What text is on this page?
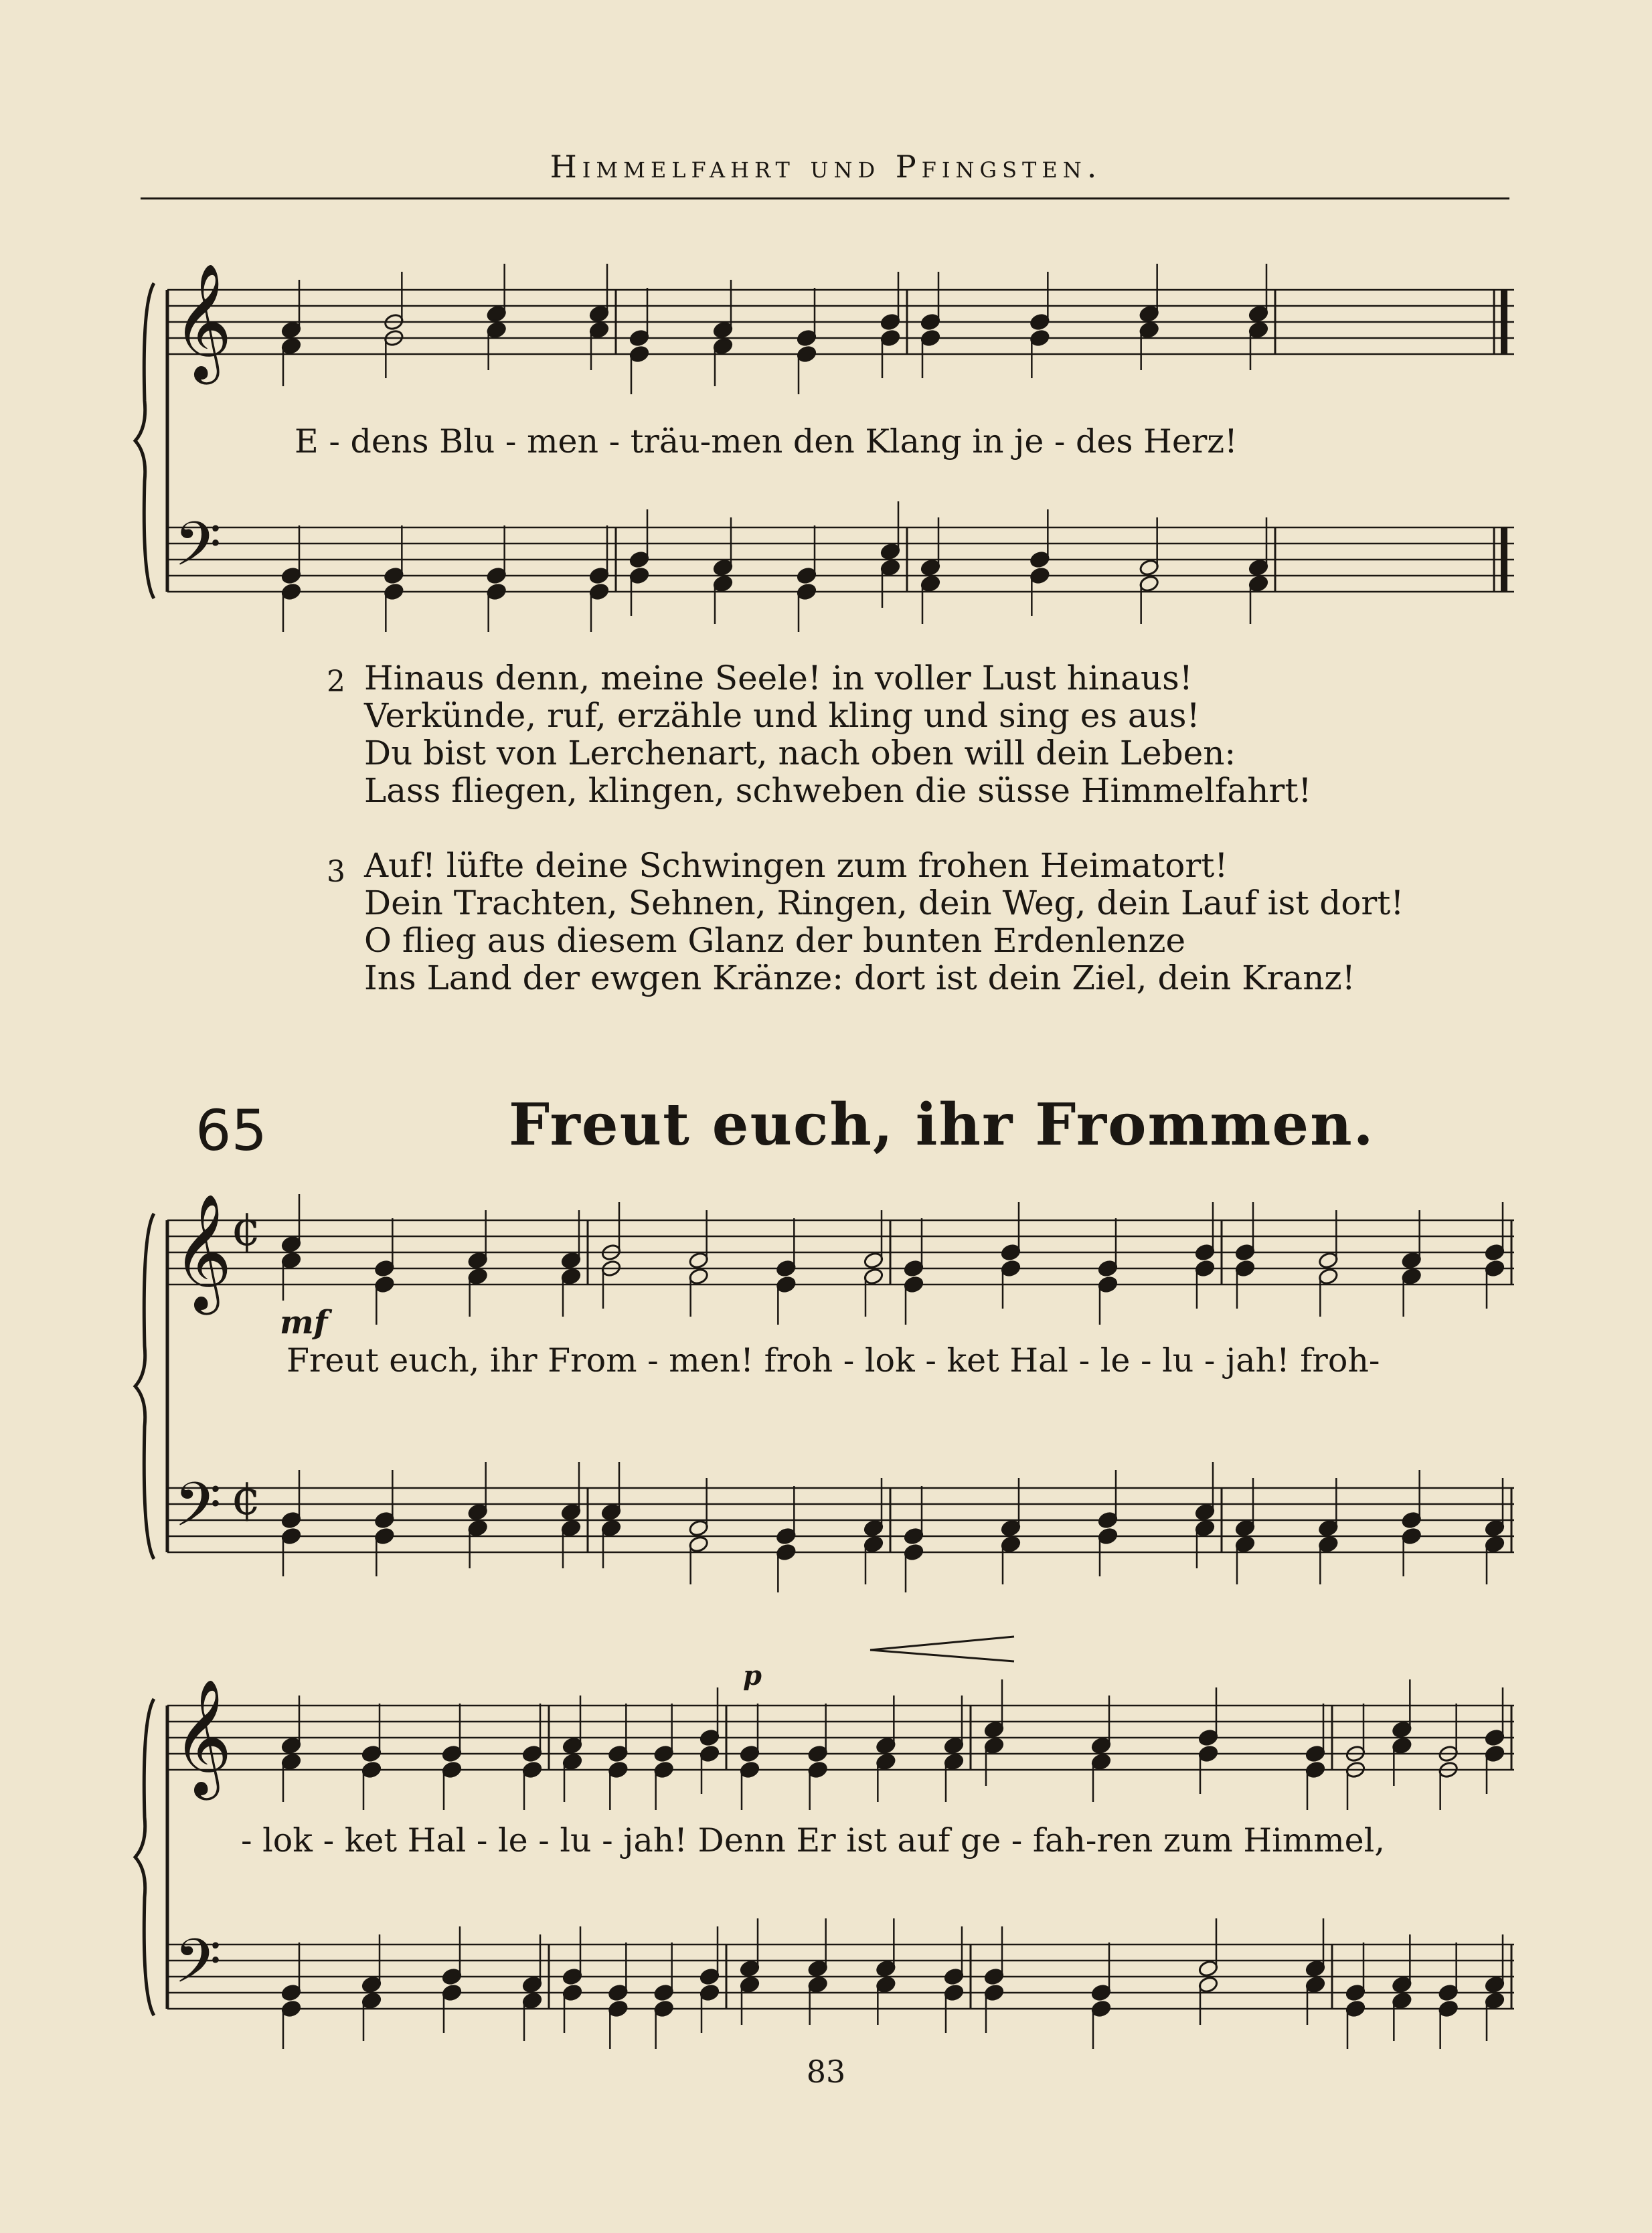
Himmelfahrt und Pfingsten.
𝄞
𝄢
𝄞
𝄢
¢
¢
𝄞
𝄢
E - dens Blu - men - träu-men den Klang in je - des Herz!
2 Hinaus denn, meine Seele! in voller Lust hinaus!
Verkünde, ruf, erzähle und kling und sing es aus!
Du bist von Lerchenart, nach oben will dein Leben:
Lass fliegen, klingen, schweben die süsse Himmelfahrt!
3 Auf! lüfte deine Schwingen zum frohen Heimatort!
Dein Trachten, Sehnen, Ringen, dein Weg, dein Lauf ist dort!
O flieg aus diesem Glanz der bunten Erdenlenze
Ins Land der ewgen Kränze: dort ist dein Ziel, dein Kranz!
65	Freut euch, ihr Frommen.
mf
Freut euch, ihr From - men! froh - lok - ket Hal - le - lu - jah! froh-
p
- lok - ket Hal - le - lu - jah! Denn Er ist auf ge - fah-ren zum Himmel,
83
